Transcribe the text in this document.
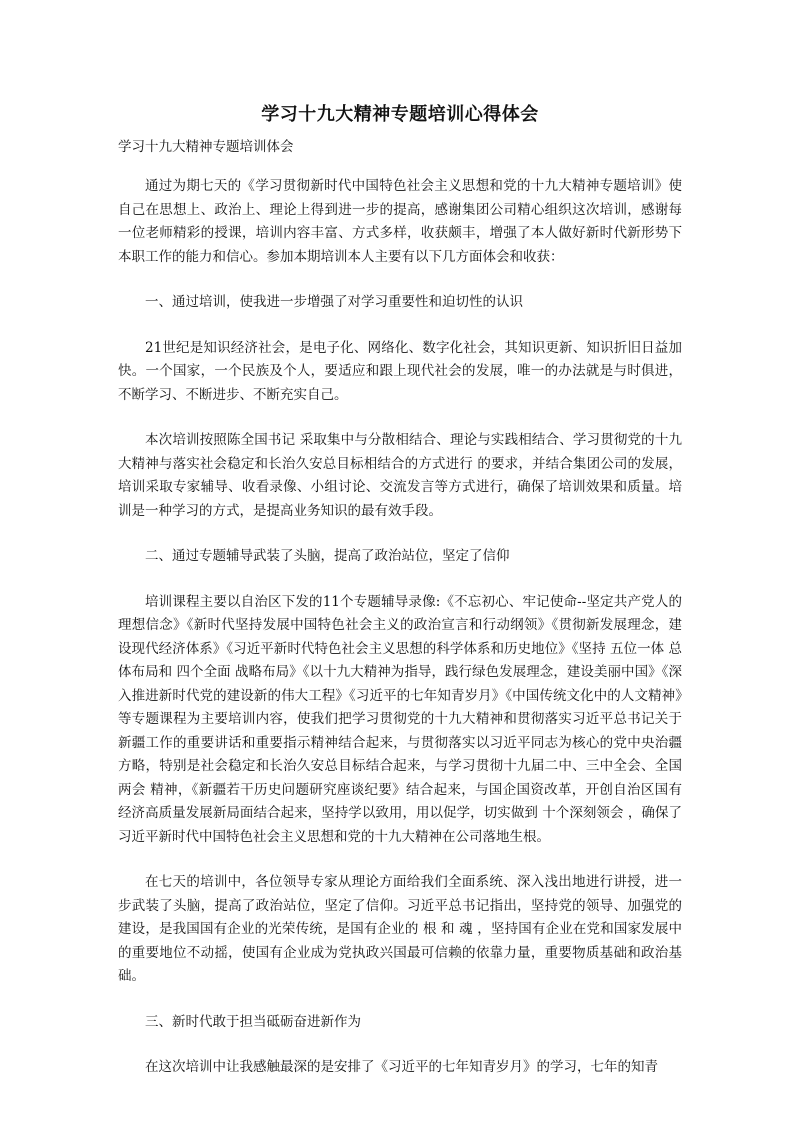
学习十九大精神专题培训心得体会
学习十九大精神专题培训体会

通过为期七天的《学习贯彻新时代中国特色社会主义思想和党的十九大精神专题培训》使自己在思想上、政治上、理论上得到进一步的提高，感谢集团公司精心组织这次培训，感谢每一位老师精彩的授课，培训内容丰富、方式多样，收获颇丰，增强了本人做好新时代新形势下本职工作的能力和信心。参加本期培训本人主要有以下几方面体会和收获：

一、通过培训，使我进一步增强了对学习重要性和迫切性的认识

21世纪是知识经济社会，是电子化、网络化、数字化社会，其知识更新、知识折旧日益加快。一个国家，一个民族及个人，要适应和跟上现代社会的发展，唯一的办法就是与时俱进，不断学习、不断进步、不断充实自己。

本次培训按照陈全国书记 采取集中与分散相结合、理论与实践相结合、学习贯彻党的十九大精神与落实社会稳定和长治久安总目标相结合的方式进行 的要求，并结合集团公司的发展，培训采取专家辅导、收看录像、小组讨论、交流发言等方式进行，确保了培训效果和质量。培训是一种学习的方式，是提高业务知识的最有效手段。

二、通过专题辅导武装了头脑，提高了政治站位，坚定了信仰

培训课程主要以自治区下发的11个专题辅导录像:《不忘初心、牢记使命--坚定共产党人的理想信念》《新时代坚持发展中国特色社会主义的政治宣言和行动纲领》《贯彻新发展理念，建设现代经济体系》《习近平新时代特色社会主义思想的科学体系和历史地位》《坚持 五位一体 总体布局和 四个全面 战略布局》《以十九大精神为指导，践行绿色发展理念，建设美丽中国》《深入推进新时代党的建设新的伟大工程》《习近平的七年知青岁月》《中国传统文化中的人文精神》等专题课程为主要培训内容，使我们把学习贯彻党的十九大精神和贯彻落实习近平总书记关于新疆工作的重要讲话和重要指示精神结合起来，与贯彻落实以习近平同志为核心的党中央治疆方略，特别是社会稳定和长治久安总目标结合起来，与学习贯彻十九届二中、三中全会、全国 两会 精神，《新疆若干历史问题研究座谈纪要》结合起来，与国企国资改革，开创自治区国有经济高质量发展新局面结合起来，坚持学以致用，用以促学，切实做到 十个深刻领会 ，确保了习近平新时代中国特色社会主义思想和党的十九大精神在公司落地生根。

在七天的培训中，各位领导专家从理论方面给我们全面系统、深入浅出地进行讲授，进一步武装了头脑，提高了政治站位，坚定了信仰。习近平总书记指出，坚持党的领导、加强党的建设，是我国国有企业的光荣传统，是国有企业的 根 和 魂 ，坚持国有企业在党和国家发展中的重要地位不动摇，使国有企业成为党执政兴国最可信赖的依靠力量，重要物质基础和政治基础。

三、新时代敢于担当砥砺奋进新作为

在这次培训中让我感触最深的是安排了《习近平的七年知青岁月》的学习，七年的知青
